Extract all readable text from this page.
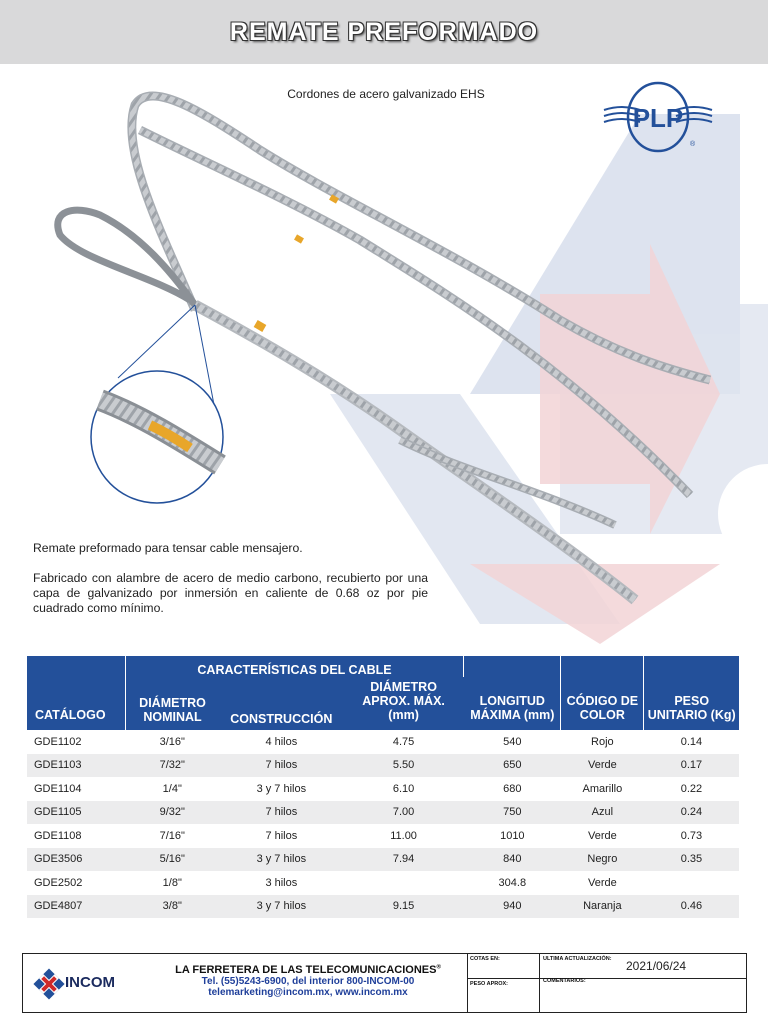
REMATE PREFORMADO
Cordones de acero galvanizado EHS
PLP
®

Remate preformado para tensar cable mensajero.

Fabricado con alambre de acero de medio carbono, recubierto por una capa de galvanizado por inmersión en caliente de 0.68 oz por pie cuadrado como mínimo.

CATÁLOGO	CARACTERÍSTICAS DEL CABLE			LONGITUD MÁXIMA (mm)	CÓDIGO DE COLOR	PESO UNITARIO (Kg)
	DIÁMETRO NOMINAL	CONSTRUCCIÓN	DIÁMETRO APROX. MÁX. (mm)			
GDE1102	3/16"	4 hilos	4.75	540	Rojo	0.14
GDE1103	7/32"	7 hilos	5.50	650	Verde	0.17
GDE1104	1/4"	3 y 7 hilos	6.10	680	Amarillo	0.22
GDE1105	9/32"	7 hilos	7.00	750	Azul	0.24
GDE1108	7/16"	7 hilos	11.00	1010	Verde	0.73
GDE3506	5/16"	3 y 7 hilos	7.94	840	Negro	0.35
GDE2502	1/8"	3 hilos		304.8	Verde	
GDE4807	3/8"	3 y 7 hilos	9.15	940	Naranja	0.46
INCOM
LA FERRETERA DE LAS TELECOMUNICACIONES®
Tel. (55)5243-6900, del interior 800-INCOM-00
telemarketing@incom.mx, www.incom.mx
COTAS EN:
PESO APROX:
ULTIMA ACTUALIZACIÓN: 2021/06/24
COMENTARIOS:
